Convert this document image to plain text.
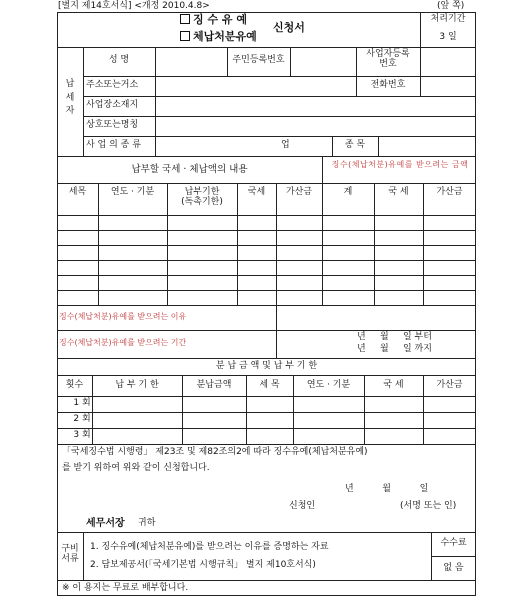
[별지 제14호서식] <개정 2010.4.8>	(앞 쪽)
징 수 유 예
체납처분유예
신청서
처리기간
3 일
납
세
자
성 명	주민등록번호
사업자등록
번호
주소또는거소	전화번호
사업장소재지
상호또는명칭
사 업 의 종 류	업	종 목
납부할 국세 · 체납액의 내용	징수(체납처분)유예를 받으려는 금액
세목	연도 · 기분	납부기한
(독촉기한)
국세	가산금	계	국 세	가산금
징수(체납처분)유예를 받으려는 이유
징수(체납처분)유예를 받으려는 기간
년     월     일 부터
년     월     일 까지
분 납 금 액 및 납 부 기 한
횟수	납 부 기 한	분납금액	세 목	연도 · 기분	국 세	가산금
1 회
2 회
3 회
「국세징수법 시행령」 제23조 및 제82조의2에 따라 징수유예(체납처분유예)
를 받기 위하여 위와 같이 신청합니다.
년          월          일
신청인	(서명 또는 인)
세무서장 귀하
구비
서류
1. 징수유예(체납처분유예)를 받으려는 이유를 증명하는 자료
2. 담보제공서(「국세기본법 시행규칙」 별지 제10호서식)
수수료
없 음
※ 이 용지는 무료로 배부합니다.
